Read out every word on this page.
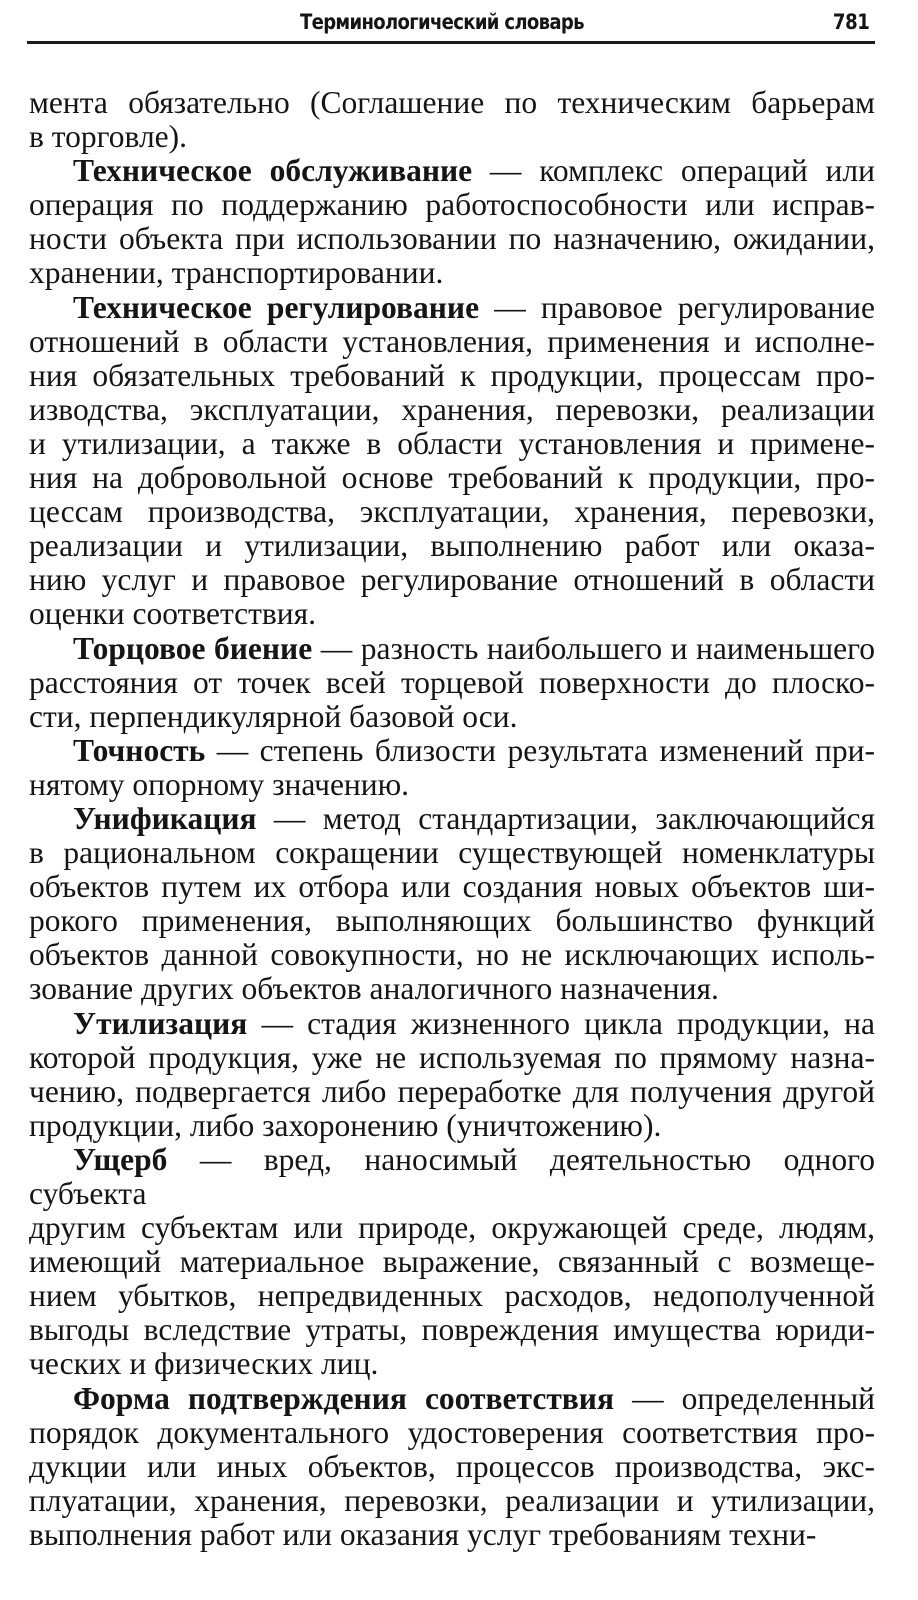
Терминологический словарь	781

мента обязательно (Соглашение по техническим барьерам

в торговле).

Техническое обслуживание — комплекс операций или

операция по поддержанию работоспособности или исправ-

ности объекта при использовании по назначению, ожидании,

хранении, транспортировании.

Техническое регулирование — правовое регулирование

отношений в области установления, применения и исполне-

ния обязательных требований к продукции, процессам про-

изводства, эксплуатации, хранения, перевозки, реализации

и утилизации, а также в области установления и примене-

ния на добровольной основе требований к продукции, про-

цессам производства, эксплуатации, хранения, перевозки,

реализации и утилизации, выполнению работ или оказа-

нию услуг и правовое регулирование отношений в области

оценки соответствия.

Торцовое биение — разность наибольшего и наименьшего

расстояния от точек всей торцевой поверхности до плоско-

сти, перпендикулярной базовой оси.

Точность — степень близости результата изменений при-

нятому опорному значению.

Унификация — метод стандартизации, заключающийся

в рациональном сокращении существующей номенклатуры

объектов путем их отбора или создания новых объектов ши-

рокого применения, выполняющих большинство функций

объектов данной совокупности, но не исключающих исполь-

зование других объектов аналогичного назначения.

Утилизация — стадия жизненного цикла продукции, на

которой продукция, уже не используемая по прямому назна-

чению, подвергается либо переработке для получения другой

продукции, либо захоронению (уничтожению).

Ущерб — вред, наносимый деятельностью одного субъекта

другим субъектам или природе, окружающей среде, людям,

имеющий материальное выражение, связанный с возмеще-

нием убытков, непредвиденных расходов, недополученной

выгоды вследствие утраты, повреждения имущества юриди-

ческих и физических лиц.

Форма подтверждения соответствия — определенный

порядок документального удостоверения соответствия про-

дукции или иных объектов, процессов производства, экс-

плуатации, хранения, перевозки, реализации и утилизации,

выполнения работ или оказания услуг требованиям техни-
